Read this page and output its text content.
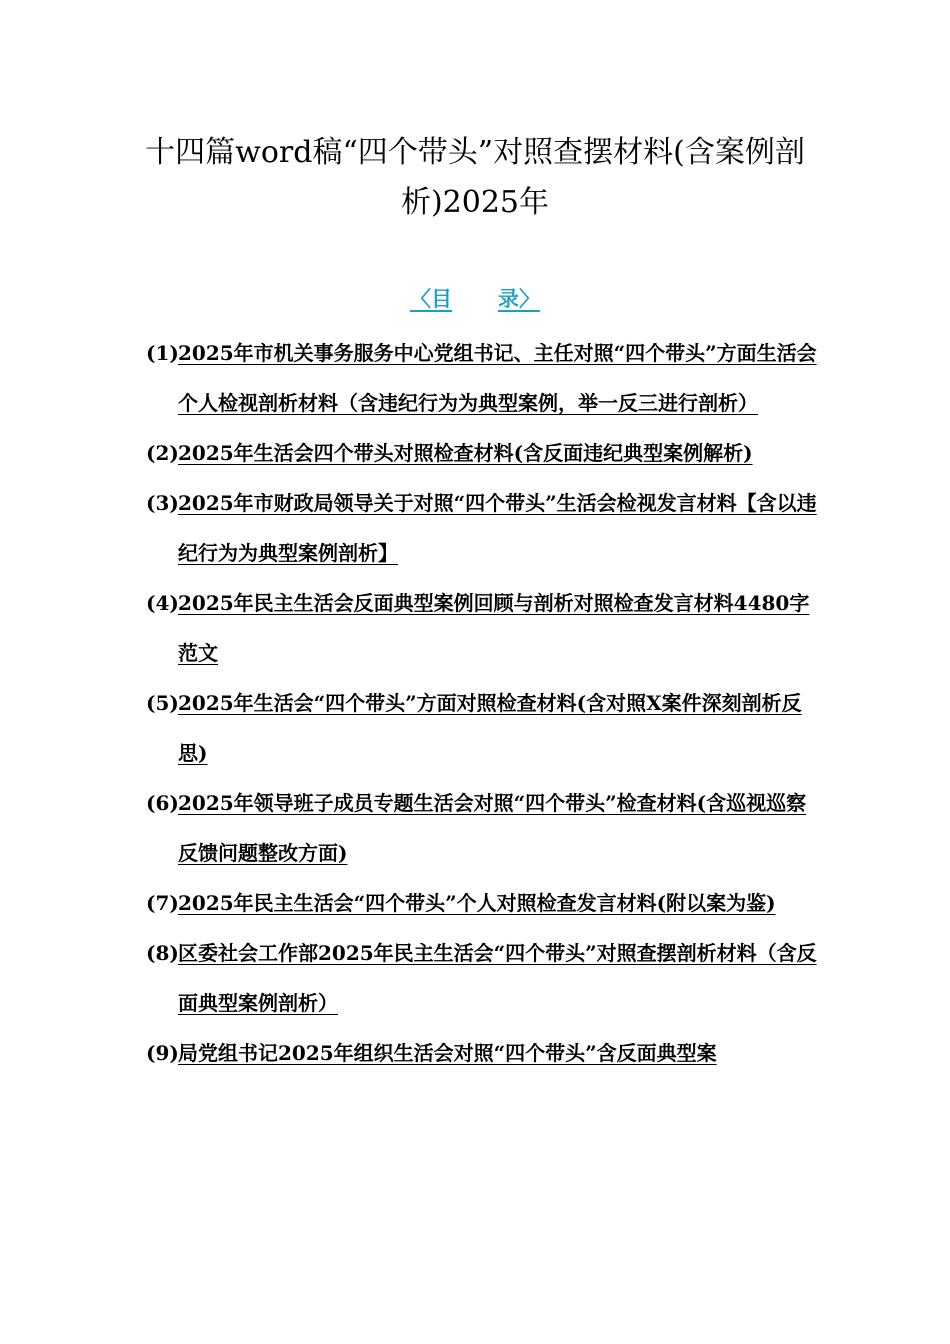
十四篇word稿“四个带头”对照查摆材料(含案例剖析)2025年
〈目 录〉
(1) 2025年市机关事务服务中心党组书记、主任对照“四个带头”方面生活会个人检视剖析材料（含违纪行为为典型案例，举一反三进行剖析）
(2) 2025年生活会四个带头对照检查材料(含反面违纪典型案例解析)
(3) 2025年市财政局领导关于对照“四个带头”生活会检视发言材料【含以违纪行为为典型案例剖析】
(4) 2025年民主生活会反面典型案例回顾与剖析对照检查发言材料4480字范文
(5) 2025年生活会“四个带头”方面对照检查材料(含对照X案件深刻剖析反思)
(6) 2025年领导班子成员专题生活会对照“四个带头”检查材料(含巡视巡察反馈问题整改方面)
(7) 2025年民主生活会“四个带头”个人对照检查发言材料(附以案为鉴)
(8) 区委社会工作部2025年民主生活会“四个带头”对照查摆剖析材料（含反面典型案例剖析）
(9) 局党组书记2025年组织生活会对照“四个带头”含反面典型案
